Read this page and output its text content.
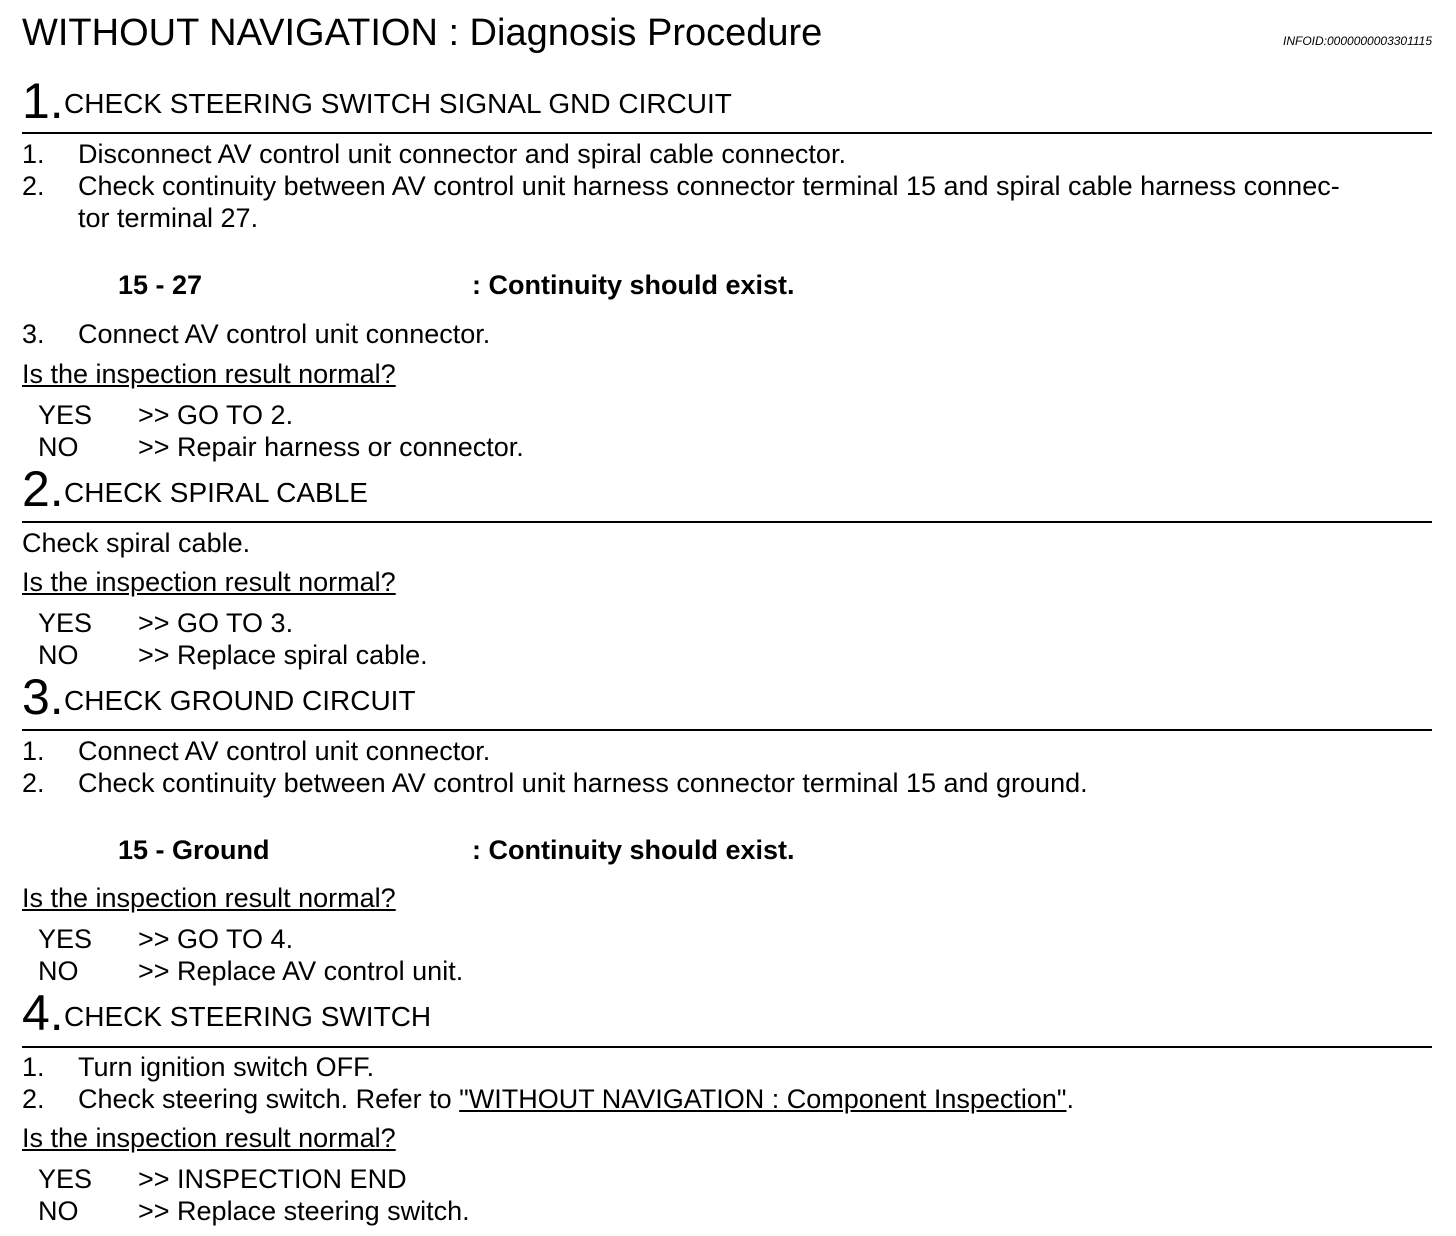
WITHOUT NAVIGATION : Diagnosis Procedure	INFOID:0000000003301115
1. CHECK STEERING SWITCH SIGNAL GND CIRCUIT
1. Disconnect AV control unit connector and spiral cable connector.
2. Check continuity between AV control unit harness connector terminal 15 and spiral cable harness connec-
tor terminal 27.
15 - 27	: Continuity should exist.
3. Connect AV control unit connector.
Is the inspection result normal?
YES >> GO TO 2.
NO >> Repair harness or connector.
2. CHECK SPIRAL CABLE
Check spiral cable.
Is the inspection result normal?
YES >> GO TO 3.
NO >> Replace spiral cable.
3. CHECK GROUND CIRCUIT
1. Connect AV control unit connector.
2. Check continuity between AV control unit harness connector terminal 15 and ground.
15 - Ground	: Continuity should exist.
Is the inspection result normal?
YES >> GO TO 4.
NO >> Replace AV control unit.
4. CHECK STEERING SWITCH
1. Turn ignition switch OFF.
2. Check steering switch. Refer to "WITHOUT NAVIGATION : Component Inspection".
Is the inspection result normal?
YES >> INSPECTION END
NO >> Replace steering switch.
